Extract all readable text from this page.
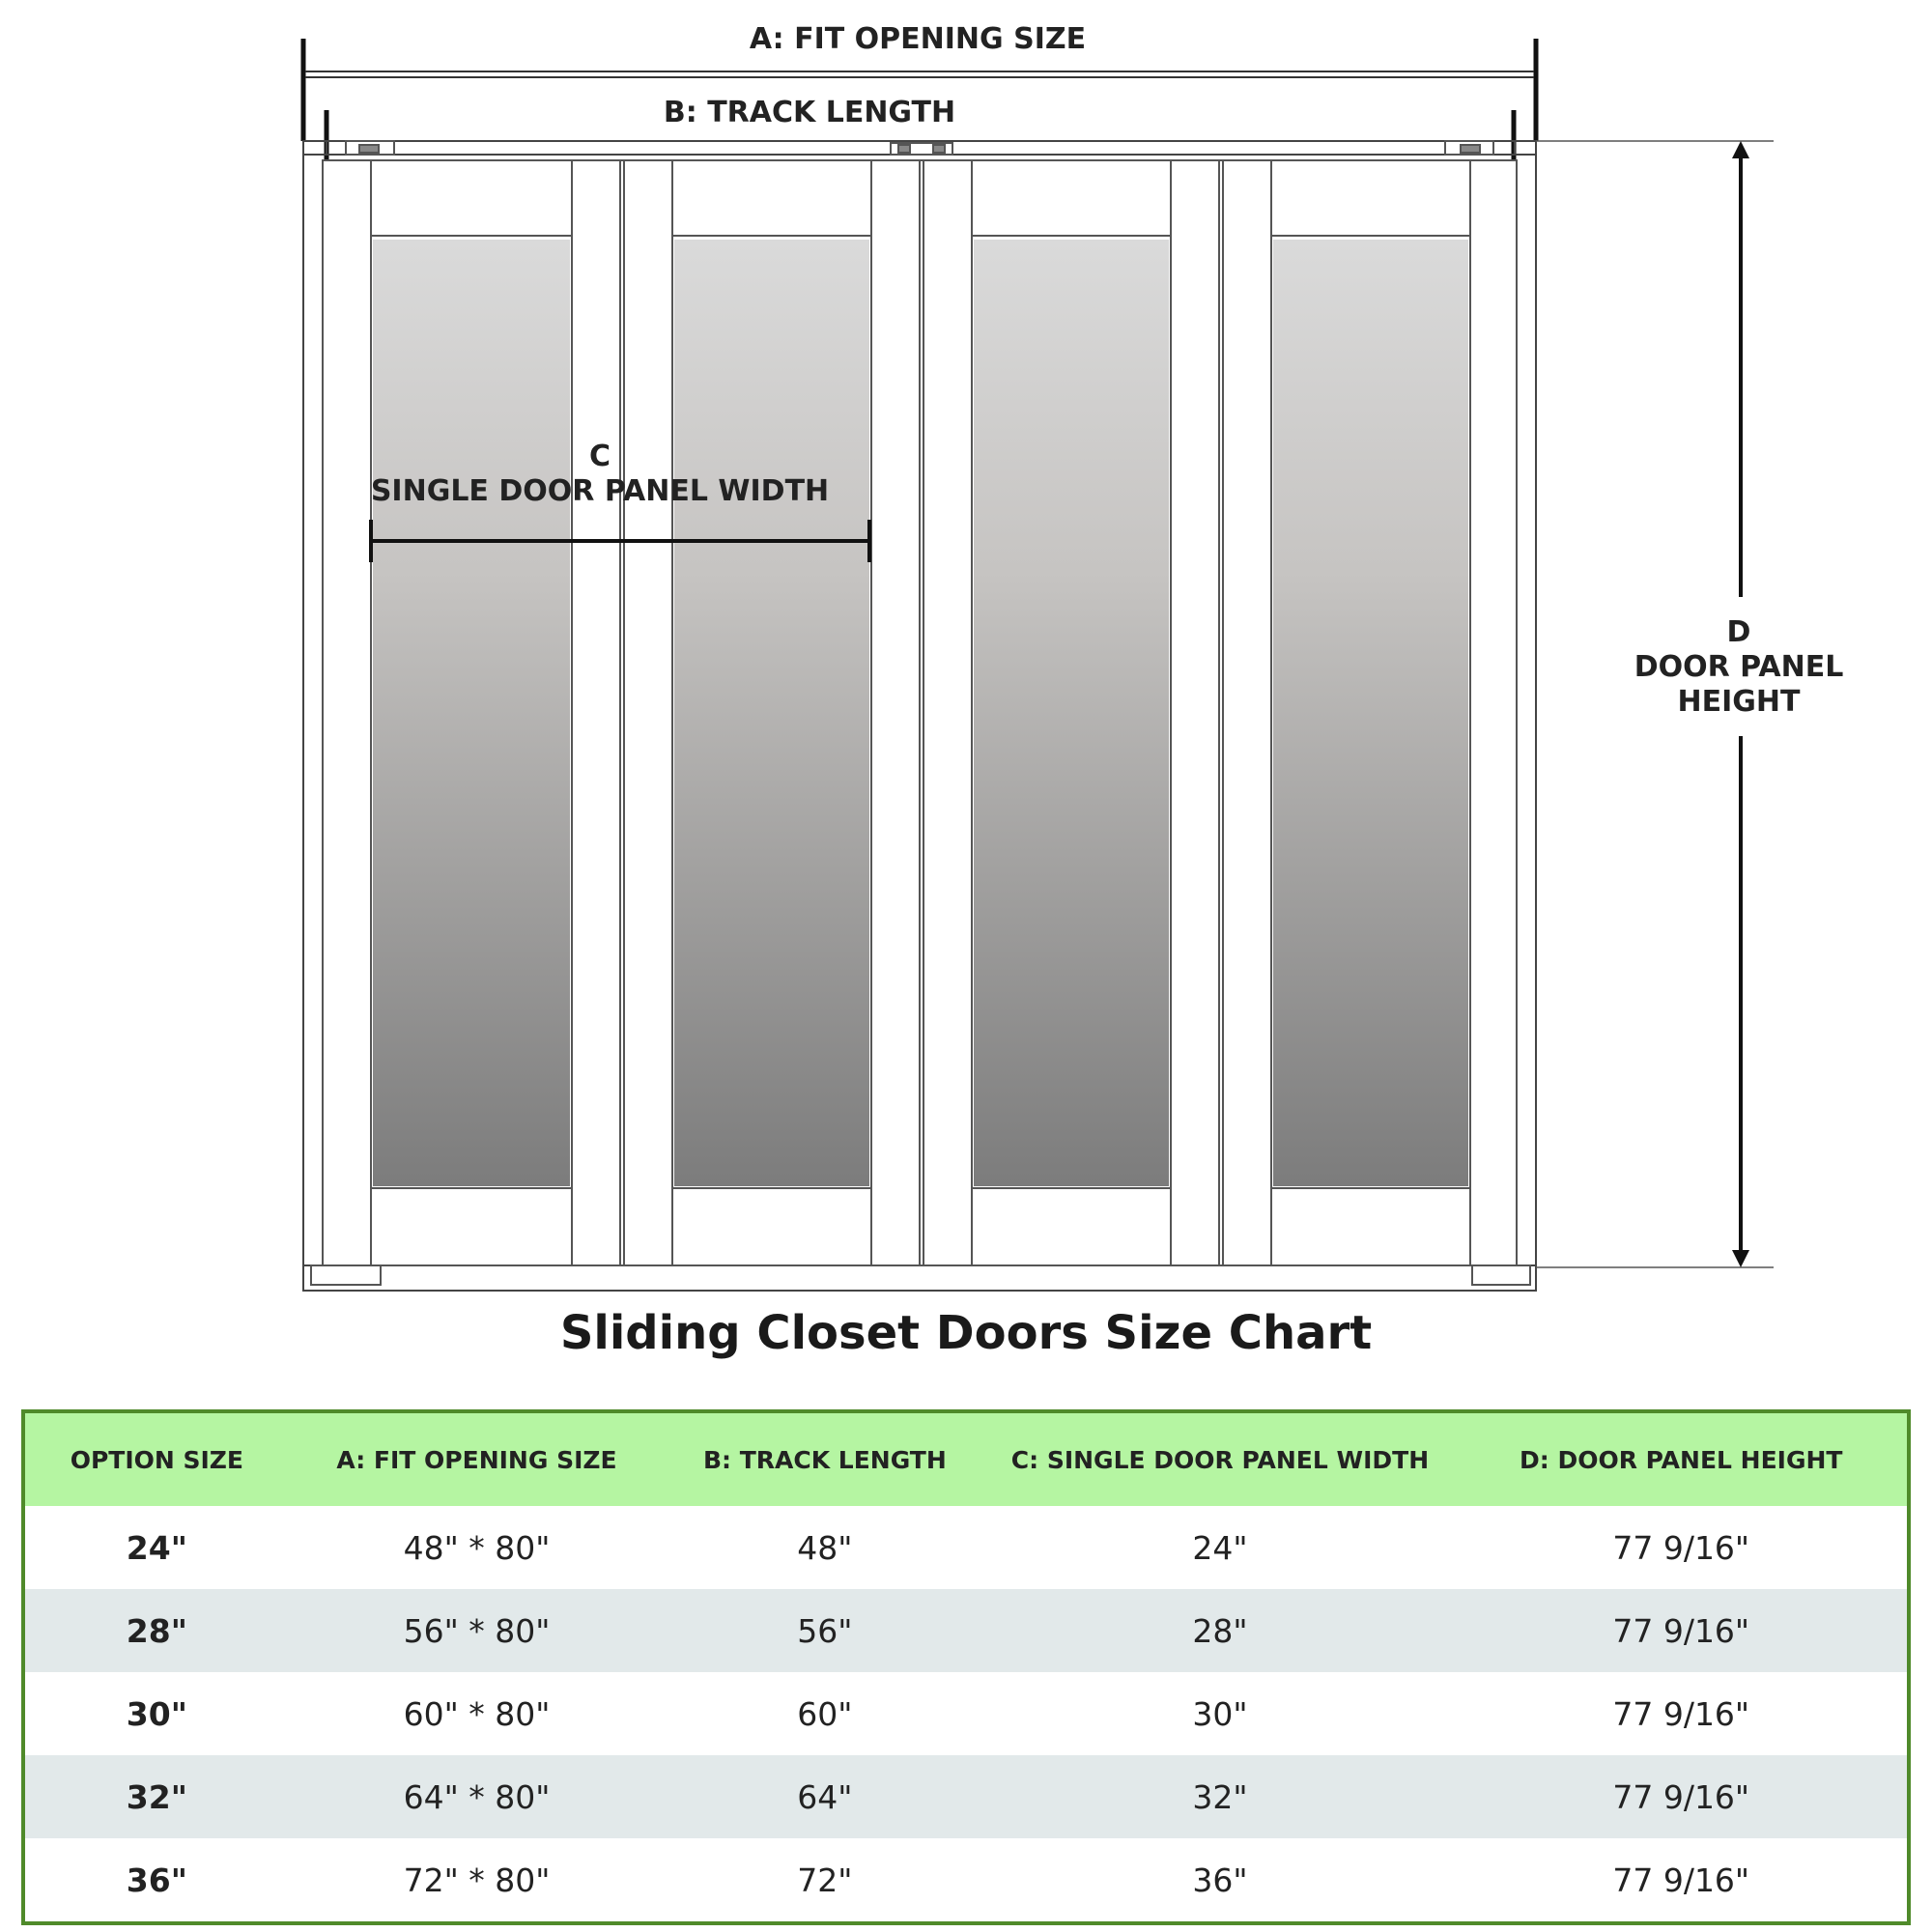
A: FIT OPENING SIZE
B: TRACK LENGTH
C
SINGLE DOOR PANEL WIDTH
D
DOOR PANEL
HEIGHT
Sliding Closet Doors Size Chart
OPTION SIZE	A: FIT OPENING SIZE	B: TRACK LENGTH	C: SINGLE DOOR PANEL WIDTH	D: DOOR PANEL HEIGHT
24"	48" * 80"	48"	24"	77 9/16"
28"	56" * 80"	56"	28"	77 9/16"
30"	60" * 80"	60"	30"	77 9/16"
32"	64" * 80"	64"	32"	77 9/16"
36"	72" * 80"	72"	36"	77 9/16"
